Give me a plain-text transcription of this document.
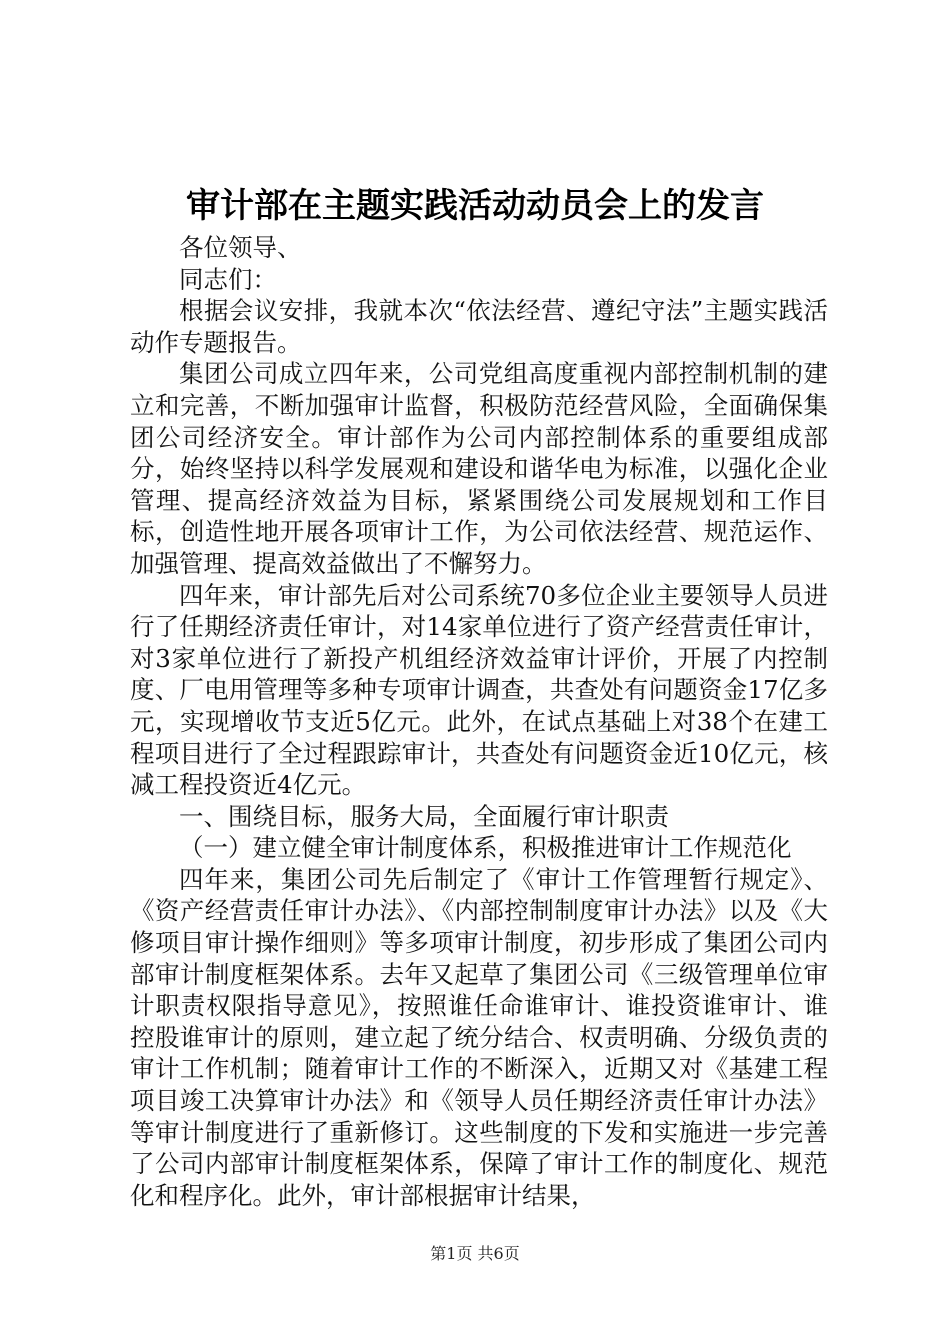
审计部在主题实践活动动员会上的发言

各位领导、

同志们：

根据会议安排，我就本次“依法经营、遵纪守法”主题实践活动作专题报告。

集团公司成立四年来，公司党组高度重视内部控制机制的建立和完善，不断加强审计监督，积极防范经营风险，全面确保集团公司经济安全。审计部作为公司内部控制体系的重要组成部分，始终坚持以科学发展观和建设和谐华电为标准，以强化企业管理、提高经济效益为目标，紧紧围绕公司发展规划和工作目标，创造性地开展各项审计工作，为公司依法经营、规范运作、加强管理、提高效益做出了不懈努力。

四年来，审计部先后对公司系统70多位企业主要领导人员进行了任期经济责任审计，对14家单位进行了资产经营责任审计，对3家单位进行了新投产机组经济效益审计评价，开展了内控制度、厂电用管理等多种专项审计调查，共查处有问题资金17亿多元，实现增收节支近5亿元。此外，在试点基础上对38个在建工程项目进行了全过程跟踪审计，共查处有问题资金近10亿元，核减工程投资近4亿元。

一、围绕目标，服务大局，全面履行审计职责

（一）建立健全审计制度体系，积极推进审计工作规范化

四年来，集团公司先后制定了《审计工作管理暂行规定》、《资产经营责任审计办法》、《内部控制制度审计办法》以及《大修项目审计操作细则》等多项审计制度，初步形成了集团公司内部审计制度框架体系。去年又起草了集团公司《三级管理单位审计职责权限指导意见》，按照谁任命谁审计、谁投资谁审计、谁控股谁审计的原则，建立起了统分结合、权责明确、分级负责的审计工作机制；随着审计工作的不断深入，近期又对《基建工程项目竣工决算审计办法》和《领导人员任期经济责任审计办法》等审计制度进行了重新修订。这些制度的下发和实施进一步完善了公司内部审计制度框架体系，保障了审计工作的制度化、规范化和程序化。此外，审计部根据审计结果，

第1页 共6页
